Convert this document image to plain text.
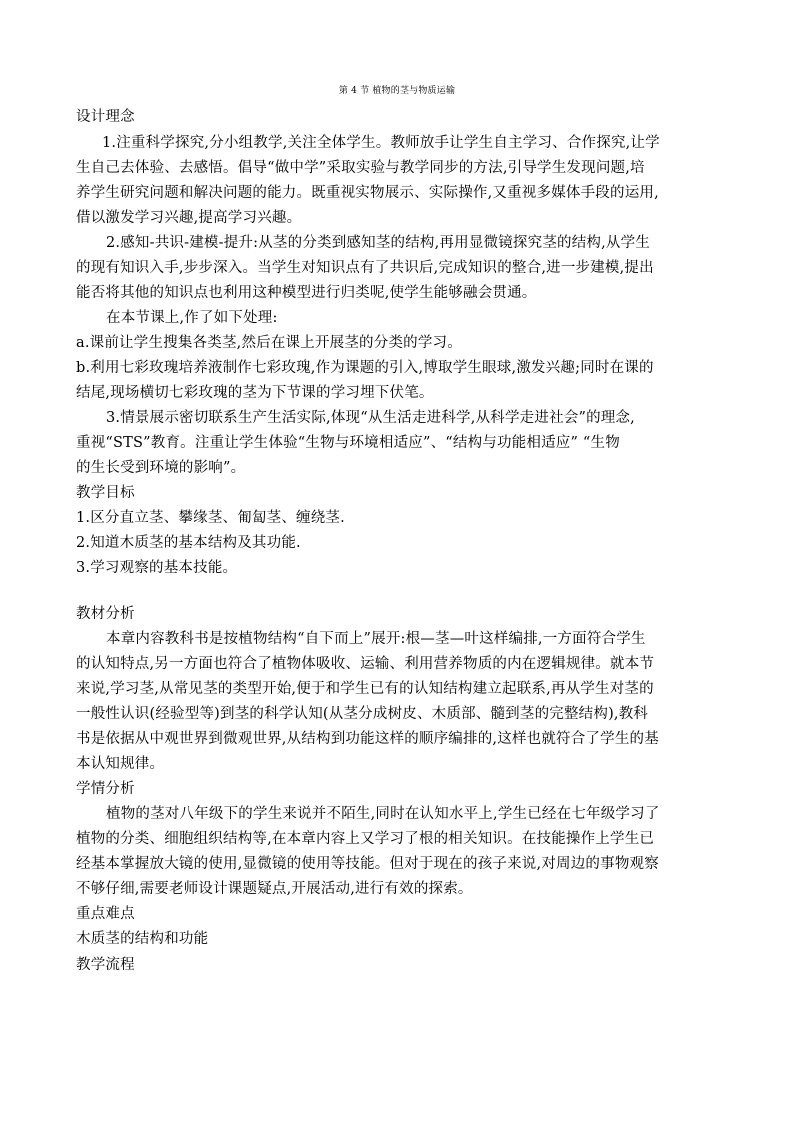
第 4 节 植物的茎与物质运输
设计理念
1.注重科学探究,分小组教学,关注全体学生。教师放手让学生自主学习、合作探究,让学
生自己去体验、去感悟。倡导“做中学”采取实验与教学同步的方法,引导学生发现问题,培
养学生研究问题和解决问题的能力。既重视实物展示、实际操作,又重视多媒体手段的运用,
借以激发学习兴趣,提高学习兴趣。
2.感知-共识-建模-提升:从茎的分类到感知茎的结构,再用显微镜探究茎的结构,从学生
的现有知识入手,步步深入。当学生对知识点有了共识后,完成知识的整合,进一步建模,提出
能否将其他的知识点也利用这种模型进行归类呢,使学生能够融会贯通。
在本节课上,作了如下处理:
a.课前让学生搜集各类茎,然后在课上开展茎的分类的学习。
b.利用七彩玫瑰培养液制作七彩玫瑰,作为课题的引入,博取学生眼球,激发兴趣;同时在课的
结尾,现场横切七彩玫瑰的茎为下节课的学习埋下伏笔。
3.情景展示密切联系生产生活实际,体现“从生活走进科学,从科学走进社会”的理念,
重视“STS”教育。注重让学生体验“生物与环境相适应”、“结构与功能相适应” “生物
的生长受到环境的影响”。
教学目标
1.区分直立茎、攀缘茎、匍匐茎、缠绕茎.
2.知道木质茎的基本结构及其功能.
3.学习观察的基本技能。
教材分析
本章内容教科书是按植物结构“自下而上”展开:根—茎—叶这样编排,一方面符合学生
的认知特点,另一方面也符合了植物体吸收、运输、利用营养物质的内在逻辑规律。就本节
来说,学习茎,从常见茎的类型开始,便于和学生已有的认知结构建立起联系,再从学生对茎的
一般性认识(经验型等)到茎的科学认知(从茎分成树皮、木质部、髓到茎的完整结构),教科
书是依据从中观世界到微观世界,从结构到功能这样的顺序编排的,这样也就符合了学生的基
本认知规律。
学情分析
植物的茎对八年级下的学生来说并不陌生,同时在认知水平上,学生已经在七年级学习了
植物的分类、细胞组织结构等,在本章内容上又学习了根的相关知识。在技能操作上学生已
经基本掌握放大镜的使用,显微镜的使用等技能。但对于现在的孩子来说,对周边的事物观察
不够仔细,需要老师设计课题疑点,开展活动,进行有效的探索。
重点难点
木质茎的结构和功能
教学流程
